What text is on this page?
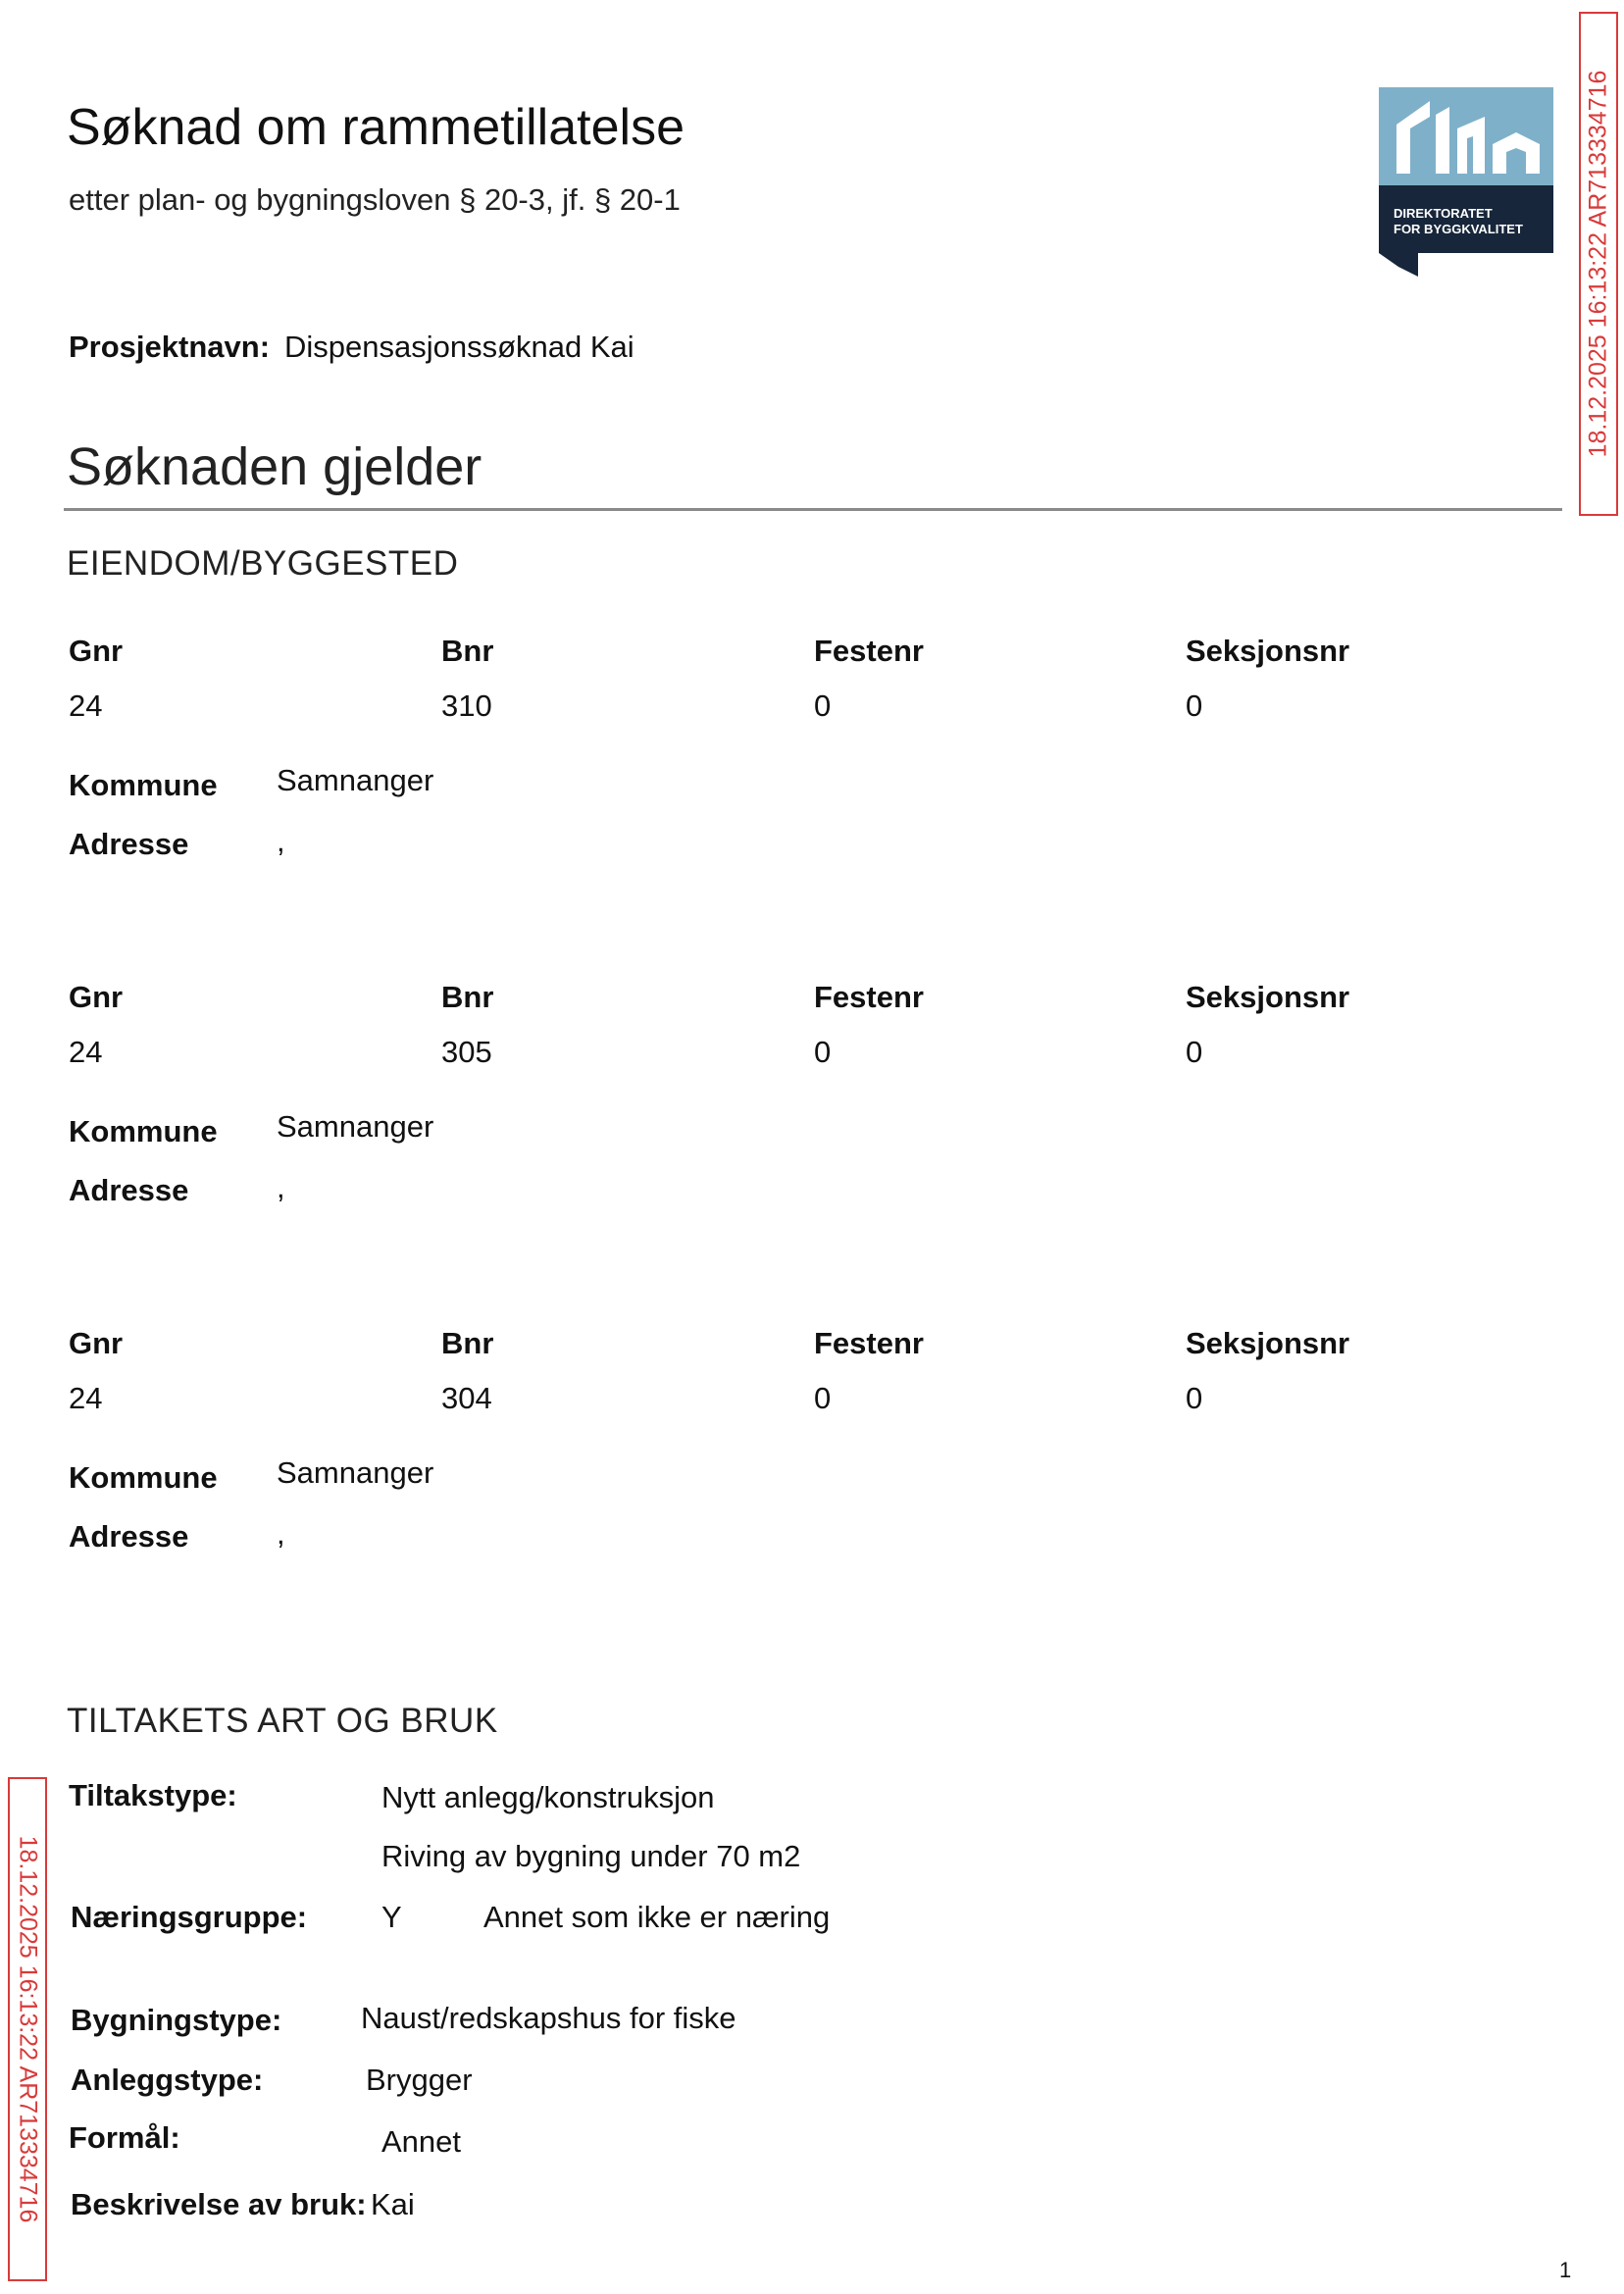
Søknad om rammetillatelse
etter plan- og bygningsloven § 20-3, jf. § 20-1
Prosjektnavn: Dispensasjonssøknad Kai
DIREKTORATET
FOR BYGGKVALITET	18.12.2025 16:13:22 AR713334716
18.12.2025 16:13:22 AR713334716
Søknaden gjelder
EIENDOM/BYGGESTED
Gnr	Bnr	Festenr	Seksjonsnr
24	310	0	0
Kommune Samnanger
Adresse	,
Gnr	Bnr	Festenr	Seksjonsnr
24	305	0	0
Kommune Samnanger
Adresse	,
Gnr	Bnr	Festenr	Seksjonsnr
24	304	0	0
Kommune Samnanger
Adresse	,
TILTAKETS ART OG BRUK
Tiltakstype:	Nytt anlegg/konstruksjon
Riving av bygning under 70 m2
Næringsgruppe: Y	Annet som ikke er næring
Bygningstype:	Naust/redskapshus for fiske
Anleggstype:	Brygger
Formål:	Annet
Beskrivelse av bruk: Kai
1
